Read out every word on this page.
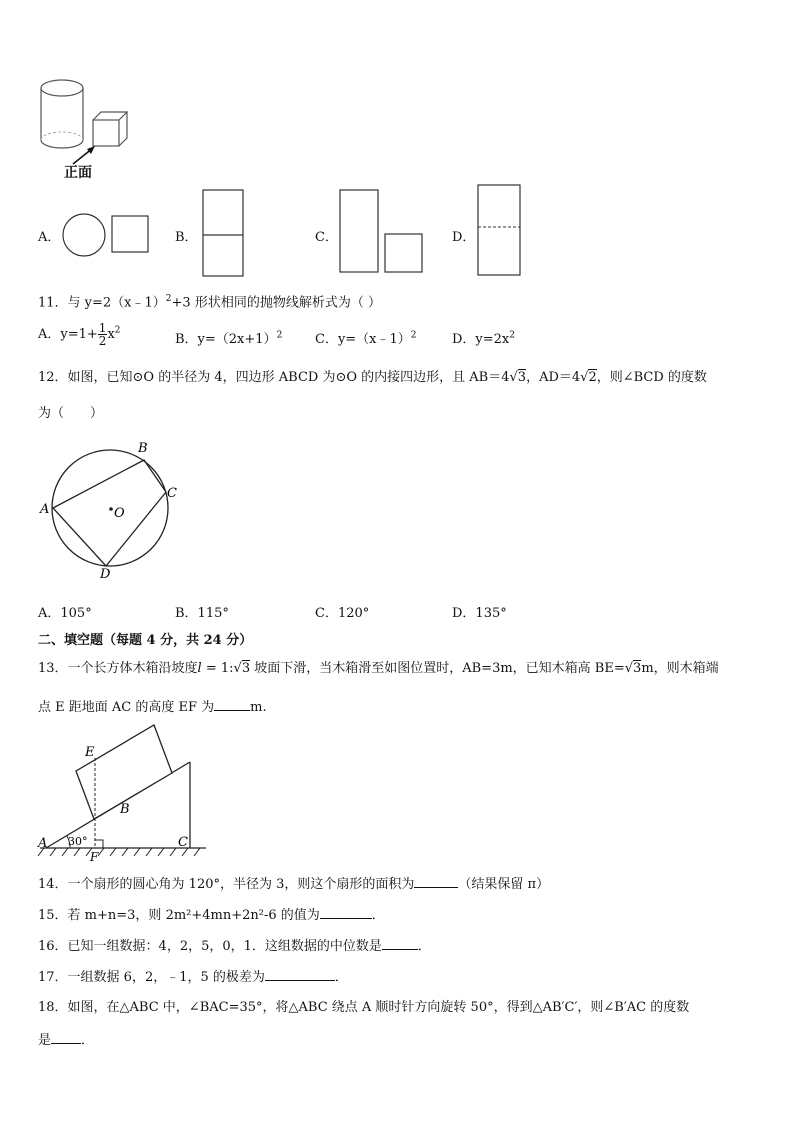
正面
A．	B．	C．	D．
11．与 y=2（x﹣1）$^2$+3 形状相同的抛物线解析式为（ ）
A．$y=1+ \frac{1}{2} x^2$
B．$y=(2x+1)^2$	C．y=（x﹣1）$^2$	D．$y=2x^2$
12．如图，已知⊙O 的半径为 4，四边形 ABCD 为⊙O 的内接四边形，且 AB＝4√3，AD＝4√2，则∠BCD 的度数
为（　　）
A
B
C
D
O
A．105°	B．115°	C．120°	D．135°
二、填空题（每题 4 分，共 24 分）
13．一个长方体木箱沿坡度l = 1:√3 坡面下滑，当木箱滑至如图位置时，AB=3m，已知木箱高 BE=√3m，则木箱端
点 E 距地面 AC 的高度 EF 为	m.
E
B
A 30°
F
C
14．一个扇形的圆心角为 120°，半径为 3，则这个扇形的面积为	（结果保留 π）
15．若 m+n=3，则 2m²+4mn+2n²-6 的值为	．
16．已知一组数据：4，2，5，0，1．这组数据的中位数是	．
17．一组数据 6，2，﹣1，5 的极差为	．
18．如图，在△ABC 中，∠BAC=35°，将△ABC 绕点 A 顺时针方向旋转 50°，得到△AB′C′，则∠B′AC 的度数
是 ．
